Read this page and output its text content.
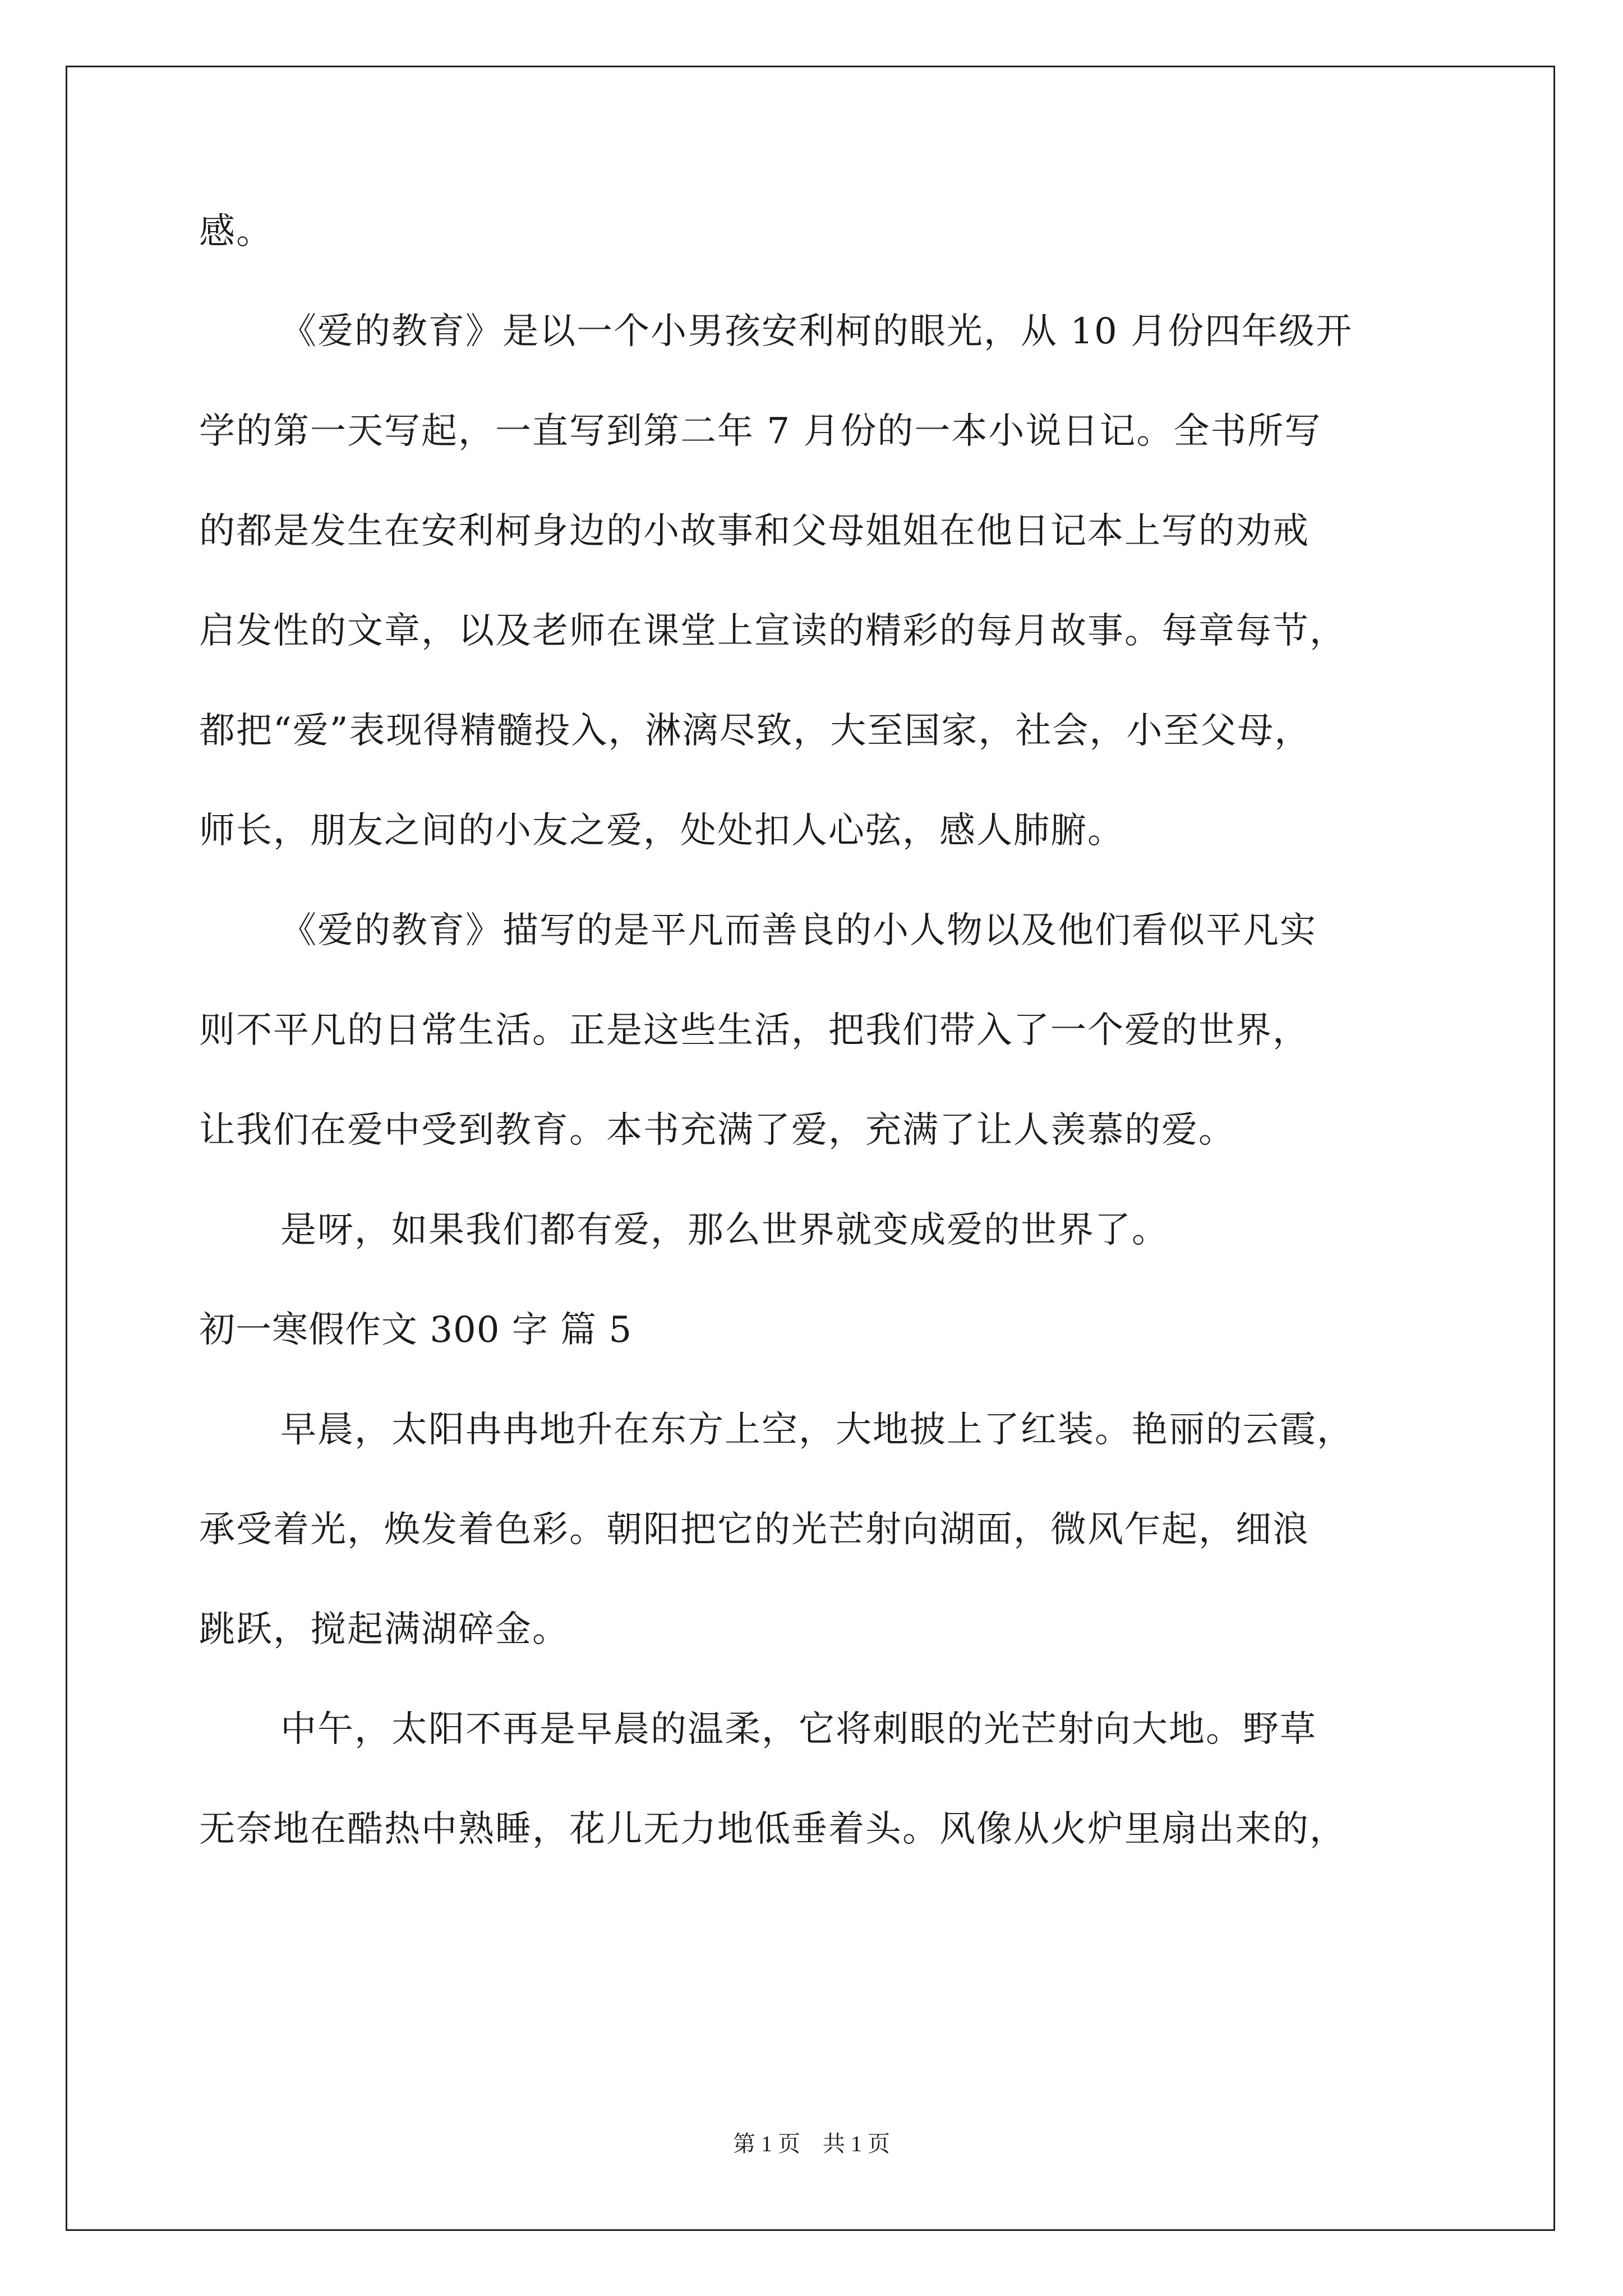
感。
《爱的教育》是以一个小男孩安利柯的眼光，从 10 月份四年级开
学的第一天写起，一直写到第二年 7 月份的一本小说日记。全书所写
的都是发生在安利柯身边的小故事和父母姐姐在他日记本上写的劝戒
启发性的文章，以及老师在课堂上宣读的精彩的每月故事。每章每节，
都把“爱”表现得精髓投入，淋漓尽致，大至国家，社会，小至父母，
师长，朋友之间的小友之爱，处处扣人心弦，感人肺腑。
《爱的教育》描写的是平凡而善良的小人物以及他们看似平凡实
则不平凡的日常生活。正是这些生活，把我们带入了一个爱的世界，
让我们在爱中受到教育。本书充满了爱，充满了让人羡慕的爱。
是呀，如果我们都有爱，那么世界就变成爱的世界了。
初一寒假作文 300 字 篇 5
早晨，太阳冉冉地升在东方上空，大地披上了红装。艳丽的云霞，
承受着光，焕发着色彩。朝阳把它的光芒射向湖面，微风乍起，细浪
跳跃，搅起满湖碎金。
中午，太阳不再是早晨的温柔，它将刺眼的光芒射向大地。野草
无奈地在酷热中熟睡，花儿无力地低垂着头。风像从火炉里扇出来的，
第 1 页 共 1 页
